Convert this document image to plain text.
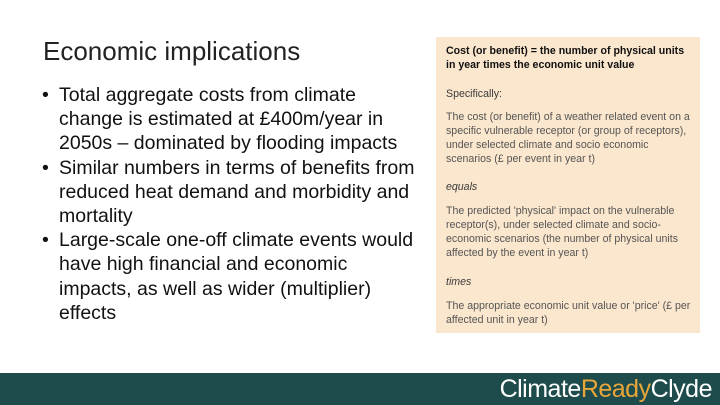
Economic implications
• Total aggregate costs from climate change is estimated at £400m/year in 2050s – dominated by flooding impacts
• Similar numbers in terms of benefits from reduced heat demand and morbidity and mortality
• Large-scale one-off climate events would have high financial and economic impacts, as well as wider (multiplier) effects
Cost (or benefit) = the number of physical units in year times the economic unit value
Specifically:
The cost (or benefit) of a weather related event on a specific vulnerable receptor (or group of receptors), under selected climate and socio economic scenarios (£ per event in year t)
equals
The predicted 'physical' impact on the vulnerable receptor(s), under selected climate and socio-economic scenarios (the number of physical units affected by the event in year t)
times
The appropriate economic unit value or 'price' (£ per affected unit in year t)
ClimateReadyClyde
